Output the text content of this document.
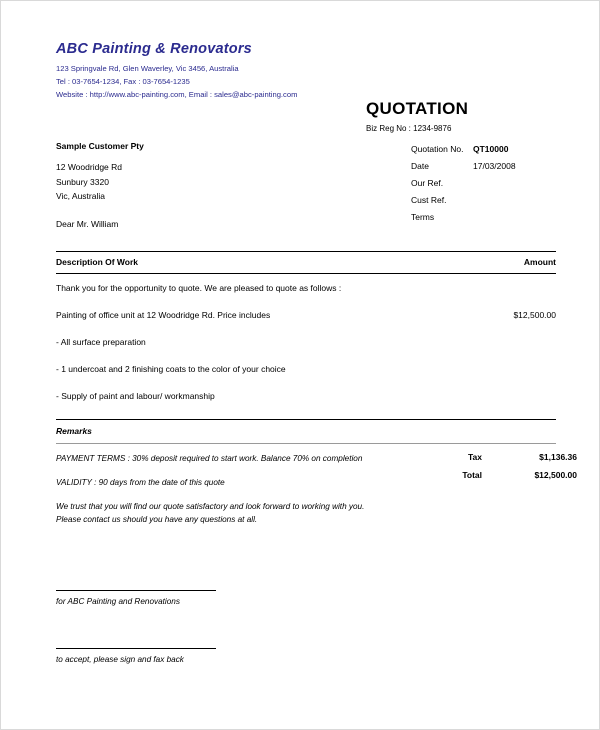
ABC Painting & Renovators
123 Springvale Rd, Glen Waverley, Vic 3456, Australia
Tel : 03-7654-1234, Fax : 03-7654-1235
Website : http://www.abc-painting.com, Email : sales@abc-painting.com
QUOTATION
Biz Reg No : 1234-9876
Sample Customer Pty
12 Woodridge Rd
Sunbury 3320
Vic, Australia
Dear Mr. William
Quotation No. QT10000
Date	17/03/2008
Our Ref.
Cust Ref.
Terms
Description Of Work	Amount
Thank you for the opportunity to quote. We are pleased to quote as follows :
Painting of office unit at 12 Woodridge Rd. Price includes	$12,500.00
- All surface preparation
- 1 undercoat and 2 finishing coats to the color of your choice
- Supply of paint and labour/ workmanship
Remarks
PAYMENT TERMS : 30% deposit required to start work. Balance 70% on completion
VALIDITY : 90 days from the date of this quote
We trust that you will find our quote satisfactory and look forward to working with you. Please contact us should you have any questions at all.
Tax	$1,136.36
Total	$12,500.00
for ABC Painting and Renovations
to accept, please sign and fax back
